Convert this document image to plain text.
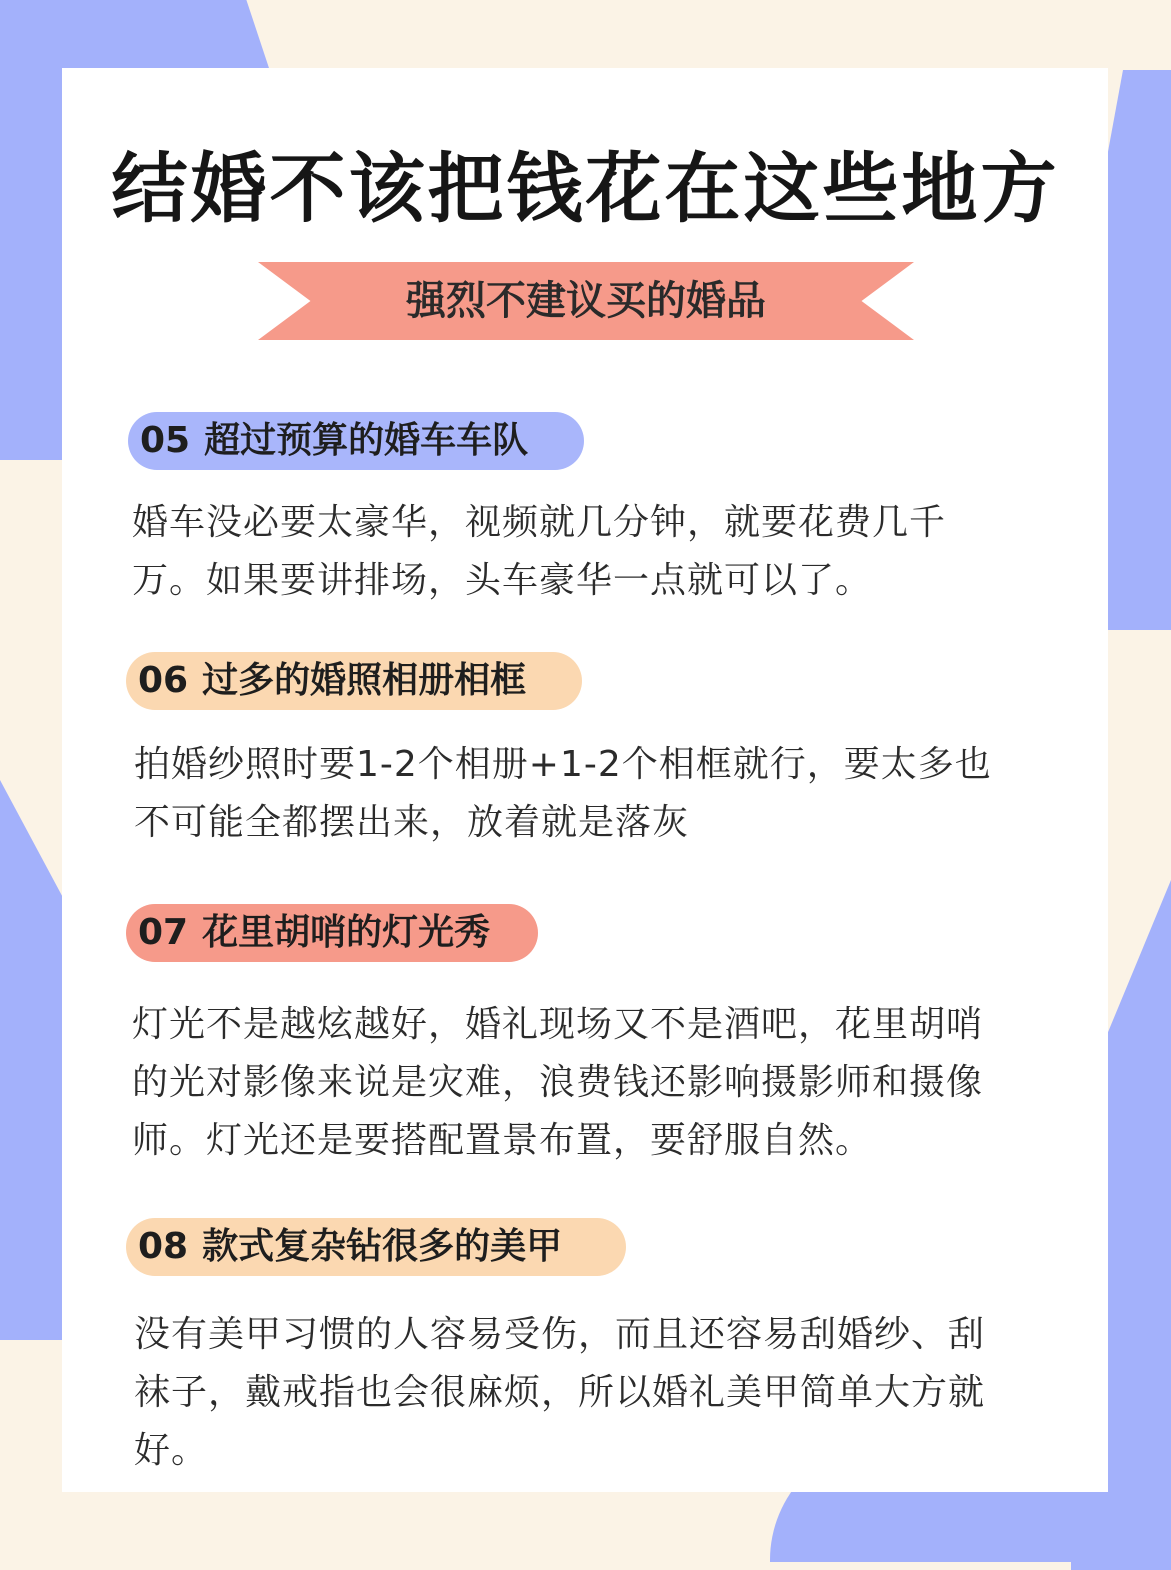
结婚不该把钱花在这些地方
强烈不建议买的婚品
05 超过预算的婚车车队
婚车没必要太豪华，视频就几分钟，就要花费几千
万。如果要讲排场，头车豪华一点就可以了。
06 过多的婚照相册相框
拍婚纱照时要1-2个相册+1-2个相框就行，要太多也
不可能全都摆出来，放着就是落灰
07 花里胡哨的灯光秀
灯光不是越炫越好，婚礼现场又不是酒吧，花里胡哨
的光对影像来说是灾难，浪费钱还影响摄影师和摄像
师。灯光还是要搭配置景布置，要舒服自然。
08 款式复杂钻很多的美甲
没有美甲习惯的人容易受伤，而且还容易刮婚纱、刮
袜子，戴戒指也会很麻烦，所以婚礼美甲简单大方就
好。
